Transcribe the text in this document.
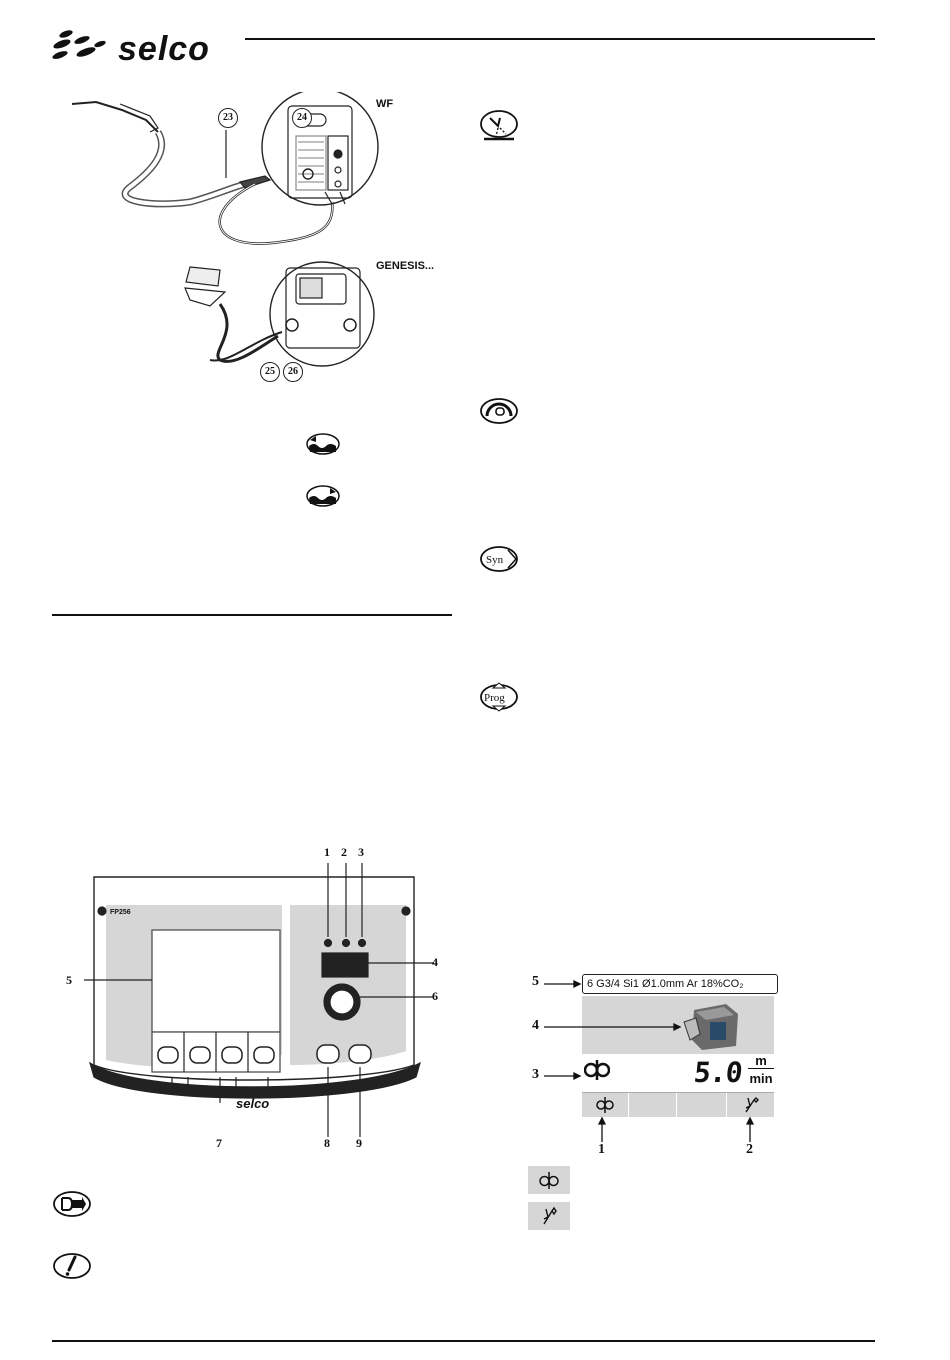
selco
WF
GENESIS...
23	24
25	26
FP256
selco
1 2 3
4
5
6
7	8 9
Syn
Prog
6 G3/4 Si1 Ø1.0mm Ar 18%CO₂
5.0 m
min
5
4
3
1	2
